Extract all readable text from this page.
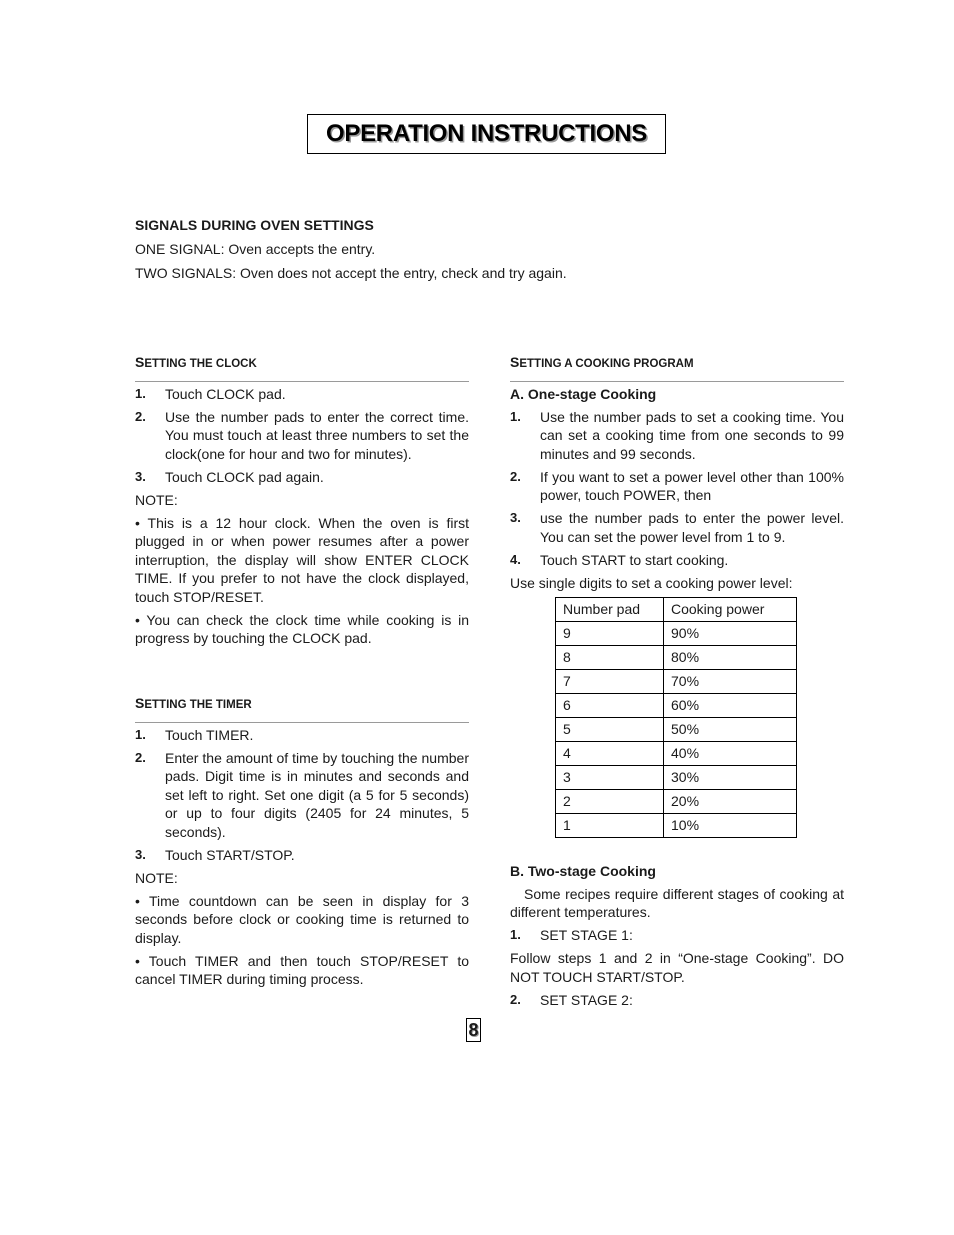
OPERATION INSTRUCTIONS

SIGNALS DURING OVEN SETTINGS

ONE SIGNAL: Oven accepts the entry.

TWO SIGNALS: Oven does not accept the entry, check and try again.

SETTING THE CLOCK
1.	Touch CLOCK pad.
2.	Use the number pads to enter the correct time. You must touch at least three numbers to set the clock(one for hour and two for minutes).
3.	Touch CLOCK pad again.

NOTE:

• This is a 12 hour clock. When the oven is first plugged in or when power resumes after a power interruption, the display will show ENTER CLOCK TIME. If you prefer to not have the clock displayed, touch STOP/RESET.

• You can check the clock time while cooking is in progress by touching the CLOCK pad.

SETTING THE TIMER
1.	Touch TIMER.
2.	Enter the amount of time by touching the number pads. Digit time is in minutes and seconds and set left to right. Set one digit (a 5 for 5 seconds) or up to four digits (2405 for 24 minutes, 5 seconds).
3.	Touch START/STOP.

NOTE:

• Time countdown can be seen in display for 3 seconds before clock or cooking time is returned to display.

• Touch TIMER and then touch STOP/RESET to cancel TIMER during timing process.

SETTING A COOKING PROGRAM

A. One-stage Cooking

1.	Use the number pads to set a cooking time. You can set a cooking time from one seconds to 99 minutes and 99 seconds.
2.	If you want to set a power level other than 100% power, touch POWER, then
3.	use the number pads to enter the power level. You can set the power level from 1 to 9.
4.	Touch START to start cooking.

Use single digits to set a cooking power level:

Number pad	Cooking power
9	90%
8	80%
7	70%
6	60%
5	50%
4	40%
3	30%
2	20%
1	10%

B. Two-stage Cooking

Some recipes require different stages of cooking at different temperatures.

1.	SET STAGE 1:

Follow steps 1 and 2 in “One-stage Cooking”. DO NOT TOUCH START/STOP.

2.	SET STAGE 2:
8
